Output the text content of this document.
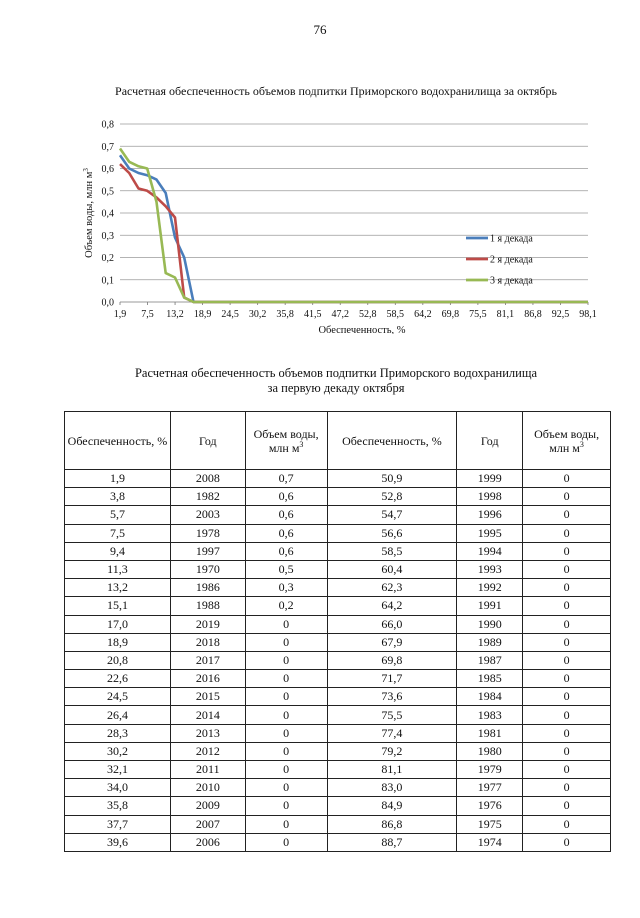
76
Расчетная обеспеченность объемов подпитки Приморского водохранилища за октябрь
0,0
0,1
0,2
0,3
0,4
0,5
0,6
0,7
0,8
1,9 7,5 13,2 18,9 24,5 30,2 35,8 41,5 47,2 52,8 58,5 64,2 69,8 75,5 81,1 86,8 92,5 98,1
Обеспеченность, %
Объем воды, млн $м^3$
1 я декада
2 я декада
3 я декада
Расчетная обеспеченность объемов подпитки Приморского водохранилища
за первую декаду октября
Обеспеченность, %	Год	Объем воды, млн $м^3$	Обеспеченность, %	Год	Объем воды, млн $м^3$
1,9	2008	0,7	50,9	1999	0
3,8	1982	0,6	52,8	1998	0
5,7	2003	0,6	54,7	1996	0
7,5	1978	0,6	56,6	1995	0
9,4	1997	0,6	58,5	1994	0
11,3	1970	0,5	60,4	1993	0
13,2	1986	0,3	62,3	1992	0
15,1	1988	0,2	64,2	1991	0
17,0	2019	0	66,0	1990	0
18,9	2018	0	67,9	1989	0
20,8	2017	0	69,8	1987	0
22,6	2016	0	71,7	1985	0
24,5	2015	0	73,6	1984	0
26,4	2014	0	75,5	1983	0
28,3	2013	0	77,4	1981	0
30,2	2012	0	79,2	1980	0
32,1	2011	0	81,1	1979	0
34,0	2010	0	83,0	1977	0
35,8	2009	0	84,9	1976	0
37,7	2007	0	86,8	1975	0
39,6	2006	0	88,7	1974	0
